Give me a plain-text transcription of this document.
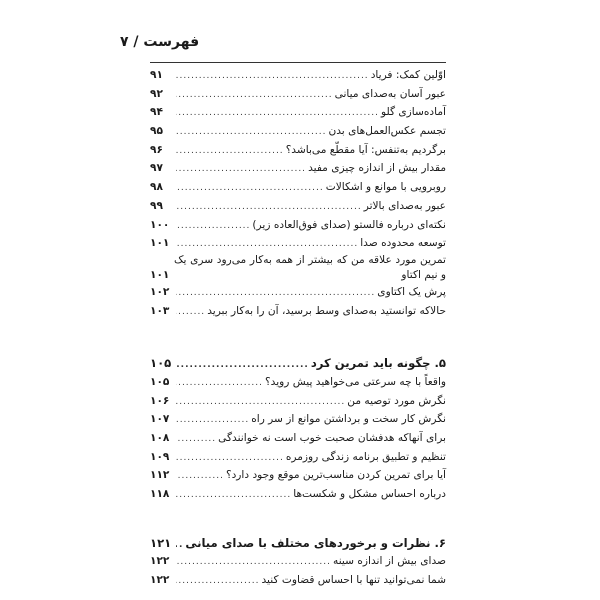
فهرست / ۷
اوّلین کمک: فریاد
.....
۹۱
عبور آسان به‌صدای میانی
.....
۹۲
آماده‌سازی گلو
.....
۹۴
تجسم عکس‌العمل‌های بدن
.....
۹۵
برگردیم به‌تنفس: آیا مقطّع می‌باشد؟
.....
۹۶
مقدار بیش از اندازه چیزی مفید
.....
۹۷
روبرویی با موانع و اشکالات
.....
۹۸
عبور به‌صدای بالاتر
.....
۹۹
نکته‌ای درباره فالستو (صدای فوق‌العاده زیر)
.....
۱۰۰
توسعه محدوده صدا
.....
۱۰۱
تمرین مورد علاقه من که بیشتر از همه به‌کار می‌رود سری یک و نیم اکتاو
۱۰۱
پرش یک اکتاوی
.....
۱۰۲
حالا‌که توانستید به‌صدای وسط برسید، آن را به‌کار ببرید
.....
۱۰۳
۵. چگونه باید تمرین کرد
.....
۱۰۵
واقعاً با چه سرعتی می‌خواهید پیش روید؟
.....
۱۰۵
نگرش مورد توصیه من
.....
۱۰۶
نگرش کار سخت و برداشتن موانع از سر راه
.....
۱۰۷
برای آنها‌که هدفشان صحبت خوب است نه خوانندگی
.....
۱۰۸
تنظیم و تطبیق برنامه زندگی روزمره
.....
۱۰۹
آیا برای تمرین کردن مناسب‌ترین موقع وجود دارد؟
.....
۱۱۲
درباره احساس مشکل و شکست‌ها
.....
۱۱۸
۶. نظرات و برخوردهای مختلف با صدای میانی
.....
۱۲۱
صدای بیش از اندازه سینه
.....
۱۲۲
شما نمی‌توانید تنها با احساس قضاوت کنید
.....
۱۲۲
